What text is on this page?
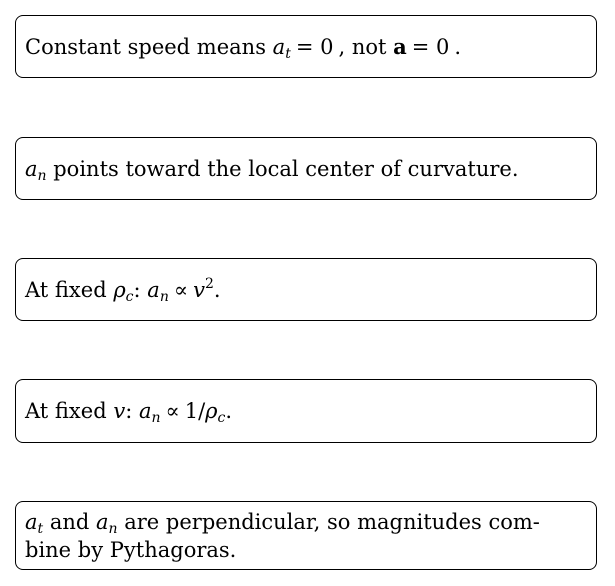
Constant speed means $a_t = 0$ , not a = 0 .
$a_n$ points toward the local center of curvature.
At fixed $\rho_c$: $a_n \propto v^2$.
At fixed v: $a_n \propto 1/\rho_c$.
$a_t$ and $a_n$ are perpendicular, so magnitudes com-
bine by Pythagoras.
